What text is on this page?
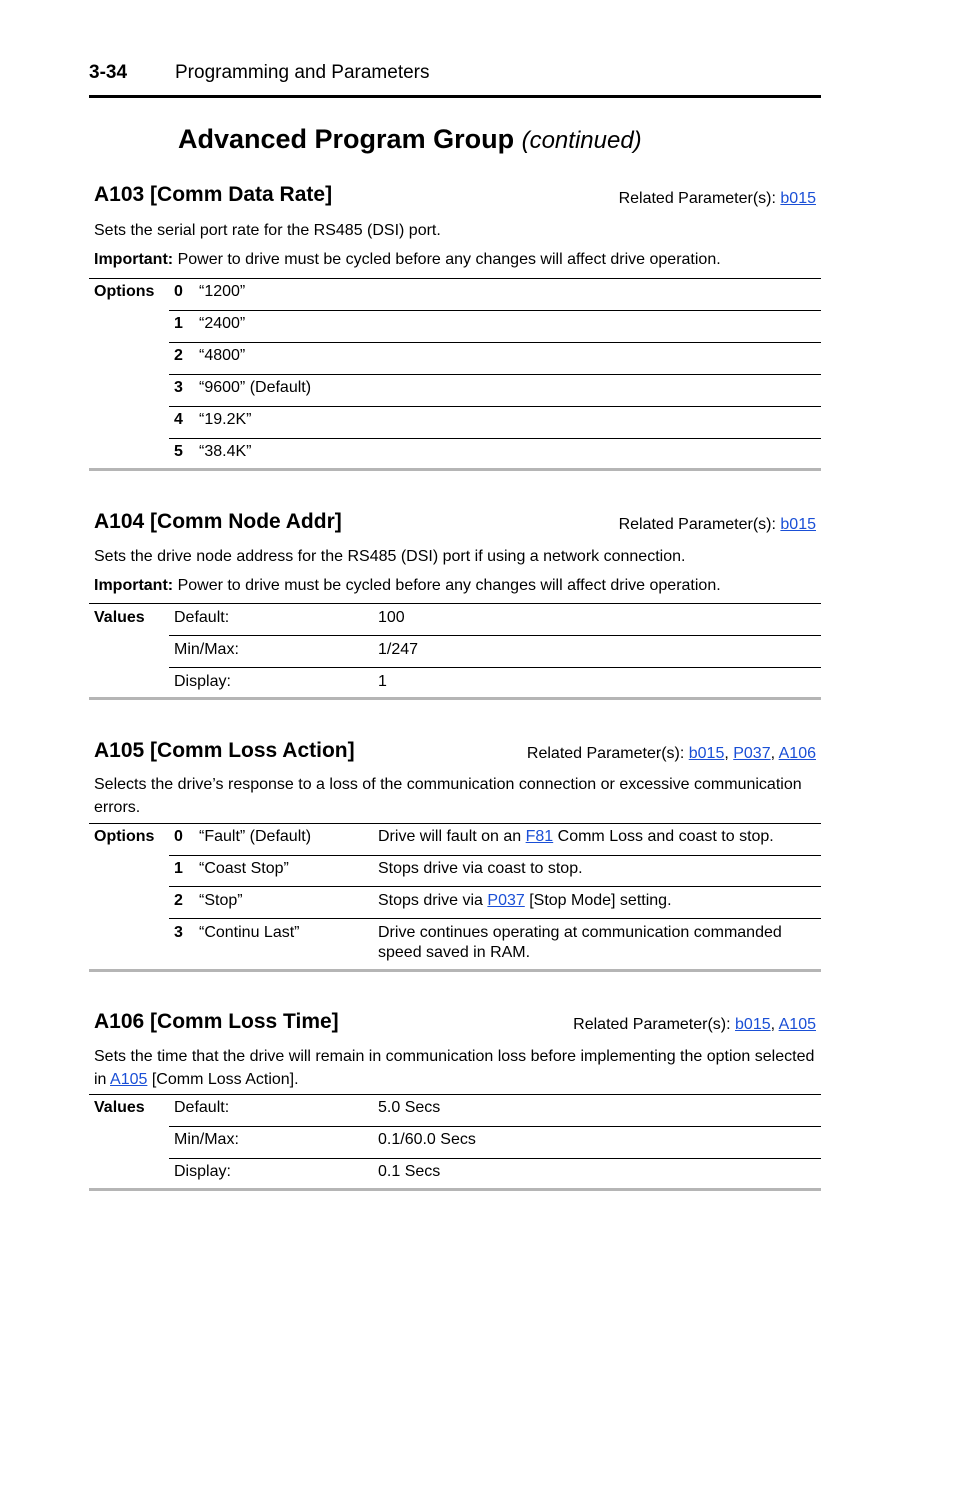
3-34	Programming and Parameters
Advanced Program Group (continued)
A103 [Comm Data Rate]	Related Parameter(s): b015
Sets the serial port rate for the RS485 (DSI) port.
Important: Power to drive must be cycled before any changes will affect drive operation.
Options 0 “1200”
1 “2400”
2 “4800”
3 “9600” (Default)
4 “19.2K”
5 “38.4K”
A104 [Comm Node Addr]	Related Parameter(s): b015
Sets the drive node address for the RS485 (DSI) port if using a network connection.
Important: Power to drive must be cycled before any changes will affect drive operation.
Values Default:	100
Min/Max:	1/247
Display:	1
A105 [Comm Loss Action]	Related Parameter(s): b015, P037, A106
Selects the drive’s response to a loss of the communication connection or excessive communication errors.
Options 0 “Fault” (Default)	Drive will fault on an F81 Comm Loss and coast to stop.
1 “Coast Stop”	Stops drive via coast to stop.
2 “Stop”	Stops drive via P037 [Stop Mode] setting.
3 “Continu Last”	Drive continues operating at communication commanded speed saved in RAM.
A106 [Comm Loss Time]	Related Parameter(s): b015, A105
Sets the time that the drive will remain in communication loss before implementing the option selected in A105 [Comm Loss Action].
Values Default:	5.0 Secs
Min/Max:	0.1/60.0 Secs
Display:	0.1 Secs
